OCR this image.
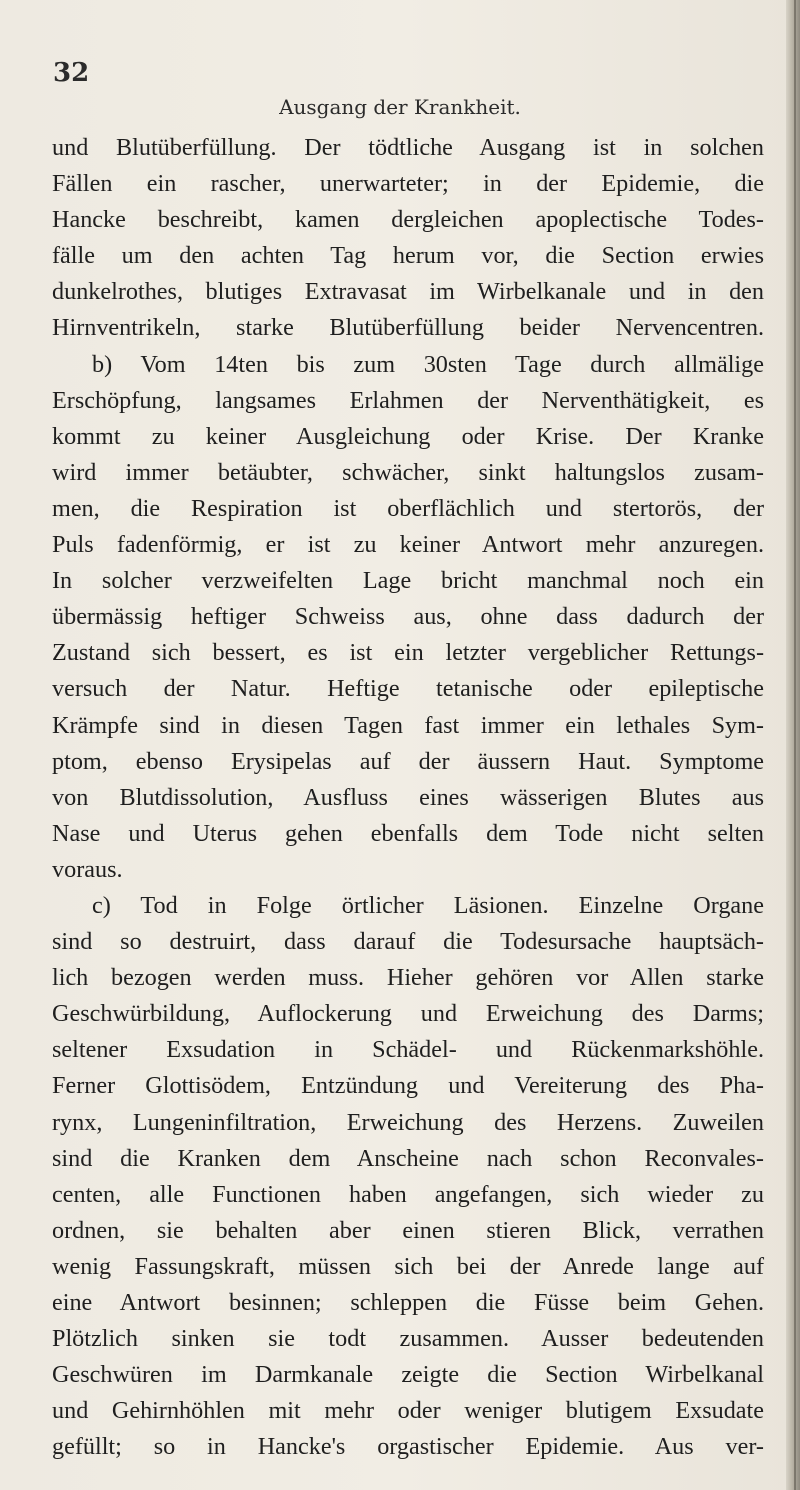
32
Ausgang der Krankheit.
und Blutüberfüllung. Der tödtliche Ausgang ist in solchen
Fällen ein rascher, unerwarteter; in der Epidemie, die
Hancke beschreibt, kamen dergleichen apoplectische Todes-
fälle um den achten Tag herum vor, die Section erwies
dunkelrothes, blutiges Extravasat im Wirbelkanale und in den
Hirnventrikeln, starke Blutüberfüllung beider Nervencentren.
b) Vom 14ten bis zum 30sten Tage durch allmälige
Erschöpfung, langsames Erlahmen der Nerventhätigkeit, es
kommt zu keiner Ausgleichung oder Krise. Der Kranke
wird immer betäubter, schwächer, sinkt haltungslos zusam-
men, die Respiration ist oberflächlich und stertorös, der
Puls fadenförmig, er ist zu keiner Antwort mehr anzuregen.
In solcher verzweifelten Lage bricht manchmal noch ein
übermässig heftiger Schweiss aus, ohne dass dadurch der
Zustand sich bessert, es ist ein letzter vergeblicher Rettungs-
versuch der Natur. Heftige tetanische oder epileptische
Krämpfe sind in diesen Tagen fast immer ein lethales Sym-
ptom, ebenso Erysipelas auf der äussern Haut. Symptome
von Blutdissolution, Ausfluss eines wässerigen Blutes aus
Nase und Uterus gehen ebenfalls dem Tode nicht selten
voraus.
c) Tod in Folge örtlicher Läsionen. Einzelne Organe
sind so destruirt, dass darauf die Todesursache hauptsäch-
lich bezogen werden muss. Hieher gehören vor Allen starke
Geschwürbildung, Auflockerung und Erweichung des Darms;
seltener Exsudation in Schädel- und Rückenmarkshöhle.
Ferner Glottisödem, Entzündung und Vereiterung des Pha-
rynx, Lungeninfiltration, Erweichung des Herzens. Zuweilen
sind die Kranken dem Anscheine nach schon Reconvales-
centen, alle Functionen haben angefangen, sich wieder zu
ordnen, sie behalten aber einen stieren Blick, verrathen
wenig Fassungskraft, müssen sich bei der Anrede lange auf
eine Antwort besinnen; schleppen die Füsse beim Gehen.
Plötzlich sinken sie todt zusammen. Ausser bedeutenden
Geschwüren im Darmkanale zeigte die Section Wirbelkanal
und Gehirnhöhlen mit mehr oder weniger blutigem Exsudate
gefüllt; so in Hancke's orgastischer Epidemie. Aus ver-
